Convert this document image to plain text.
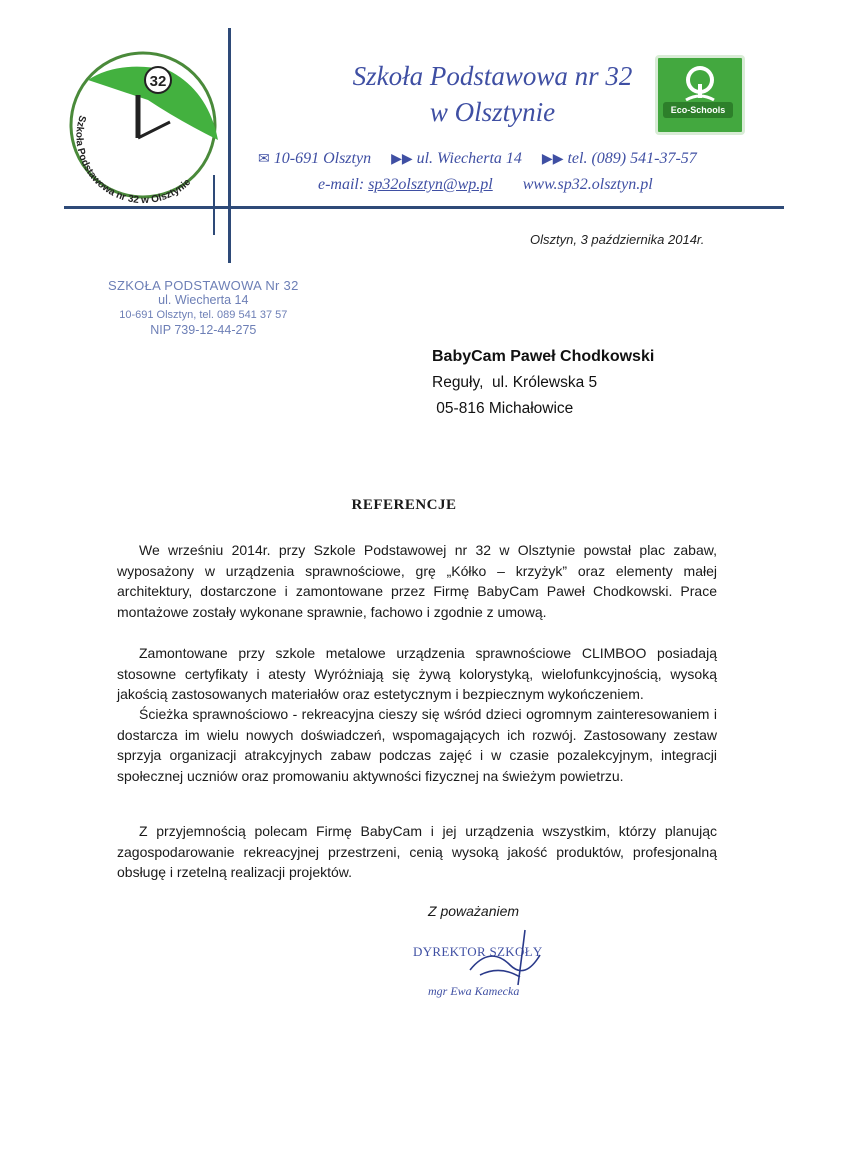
32
Szkoła Podstawowa nr 32 w Olsztynie
Szkoła Podstawowa nr 32
w Olsztynie	Eco-Schools
✉ 10-691 Olsztyn ▶▶ ul. Wiecherta 14 ▶▶ tel. (089) 541-37-57
e-mail: sp32olsztyn@wp.pl www.sp32.olsztyn.pl
Olsztyn, 3 października 2014r.
SZKOŁA PODSTAWOWA Nr 32
ul. Wiecherta 14
10-691 Olsztyn, tel. 089 541 37 57
NIP 739-12-44-275
BabyCam Paweł Chodkowski
Reguły,  ul. Królewska 5
05-816 Michałowice
REFERENCJE
We wrześniu 2014r. przy Szkole Podstawowej nr 32 w Olsztynie powstał plac zabaw, wyposażony w urządzenia sprawnościowe, grę „Kółko – krzyżyk” oraz elementy małej architektury, dostarczone i zamontowane przez Firmę BabyCam Paweł Chodkowski. Prace montażowe zostały wykonane sprawnie, fachowo i zgodnie z umową.
Zamontowane przy szkole metalowe urządzenia sprawnościowe CLIMBOO posiadają stosowne certyfikaty i atesty Wyróżniają się żywą kolorystyką, wielofunkcyjnością, wysoką jakością zastosowanych materiałów oraz estetycznym i bezpiecznym wykończeniem.
Ścieżka sprawnościowo - rekreacyjna cieszy się wśród dzieci ogromnym zainteresowaniem i dostarcza im wielu nowych doświadczeń, wspomagających ich rozwój. Zastosowany zestaw sprzyja organizacji atrakcyjnych zabaw podczas zajęć i w czasie pozalekcyjnym, integracji społecznej uczniów oraz promowaniu aktywności fizycznej na świeżym powietrzu.
Z przyjemnością polecam Firmę BabyCam i jej urządzenia wszystkim, którzy planując zagospodarowanie rekreacyjnej przestrzeni, cenią wysoką jakość produktów, profesjonalną obsługę i rzetelną realizacji projektów.
Z poważaniem
DYREKTOR SZKOŁY
mgr Ewa Kamecka
